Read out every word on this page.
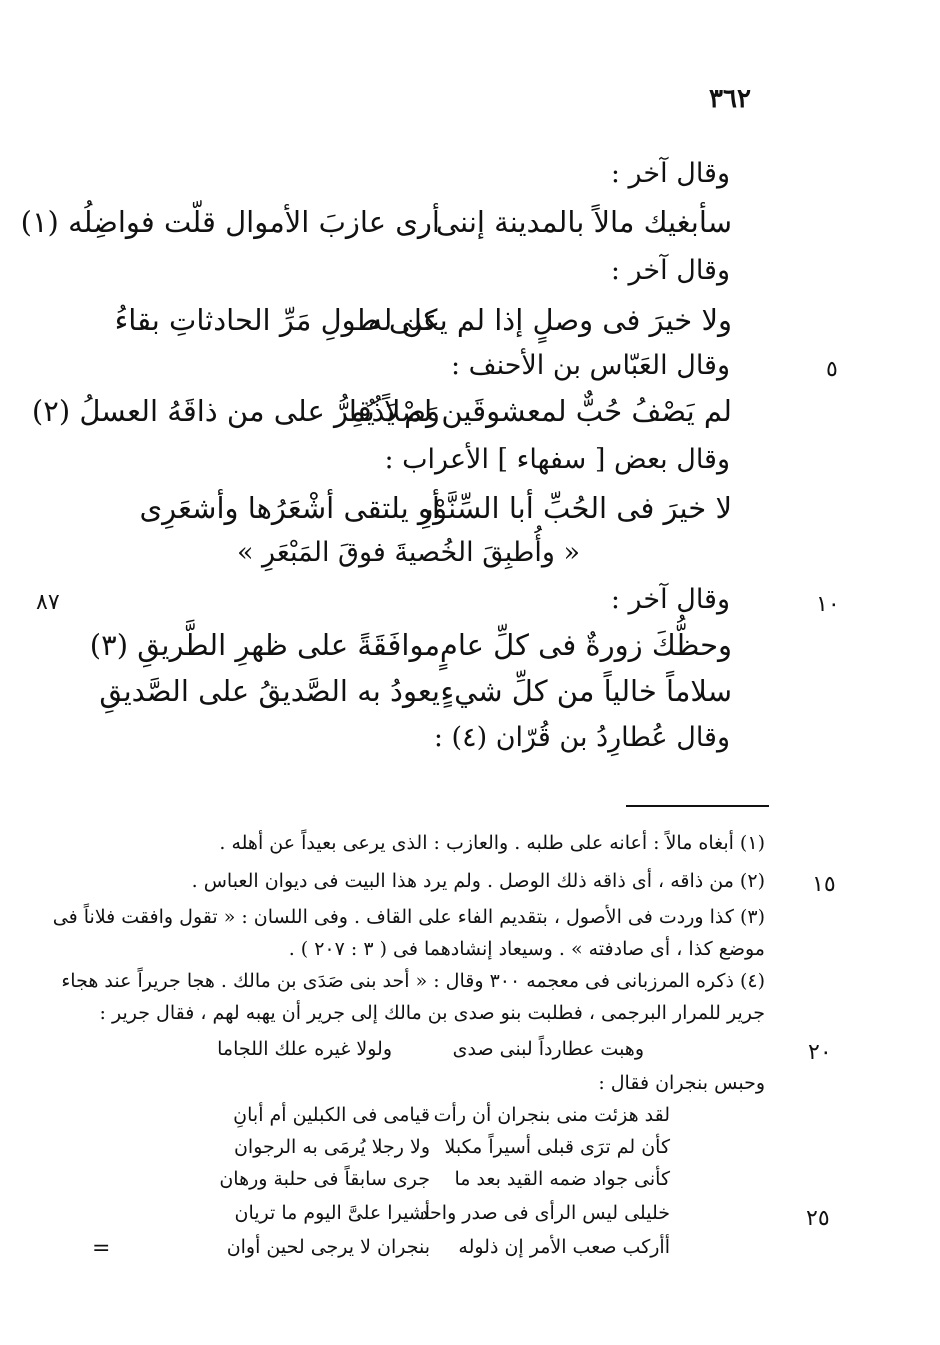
٣٦٢
وقال آخر :
سأبغيك مالاً بالمدينة إننى
أرى عازبَ الأموال قلّت فواضِلُه (١)
وقال آخر :
ولا خيرَ فى وصلٍ إذا لم يكن له
على طولِ مَرِّ الحادثاتِ بقاءُ
وقال العَبّاس بن الأحنف :
لم يَصْفُ حُبٌّ لمعشوقَين لم يَذُقا
وَصْلاً يُمِرُّ على من ذاقَهُ العسلُ (٢)
وقال بعض [ سفهاء ] الأعراب :
لا خيرَ فى الحُبِّ أبا السِّنَّوْرِ
أو يلتقى أشْعَرُها وأشعَرِى
« وأُطبِقَ الخُصيةَ فوقَ المَبْعَرِ »
وقال آخر :
وحظُّكَ زورةٌ فى كلِّ عامٍ
موافَقَةً على ظهرِ الطَّريقِ (٣)
سلاماً خالياً من كلِّ شيءٍ
يعودُ به الصَّديقُ على الصَّديقِ
وقال عُطارِدُ بن قُرّان (٤) :
٥
٨٧	١٠
١٥
٢٠
٢٥
=
(١) أبغاه مالاً : أعانه على طلبه . والعازب : الذى يرعى بعيداً عن أهله .
(٢) من ذاقه ، أى ذاقه ذلك الوصل . ولم يرد هذا البيت فى ديوان العباس .
(٣) كذا وردت فى الأصول ، بتقديم الفاء على القاف . وفى اللسان : « تقول وافقت فلاناً فى
موضع كذا ، أى صادفته » . وسيعاد إنشادهما فى ( ٣ : ٢٠٧ ) .
(٤) ذكره المرزبانى فى معجمه ٣٠٠ وقال : « أحد بنى صَدَى بن مالك . هجا جريراً عند هجاء
جرير للمرار البرجمى ، فطلبت بنو صدى بن مالك إلى جرير أن يهبه لهم ، فقال جرير :
وهبت عطارداً لبنى صدى
ولولا غيره علك اللجاما
وحبس بنجران فقال :
لقد هزئت منى بنجران أن رأت
قيامى فى الكبلين أم أبانِ
كأن لم ترَى قبلى أسيراً مكبلا
ولا رجلا يُرمَى به الرجوان
كأنى جواد ضمه القيد بعد ما
جرى سابقاً فى حلبة ورهان
خليلى ليس الرأى فى صدر واحد
أشيرا علىَّ اليوم ما تريان
أأركب صعب الأمر إن ذلوله
بنجران لا يرجى لحين أوان
